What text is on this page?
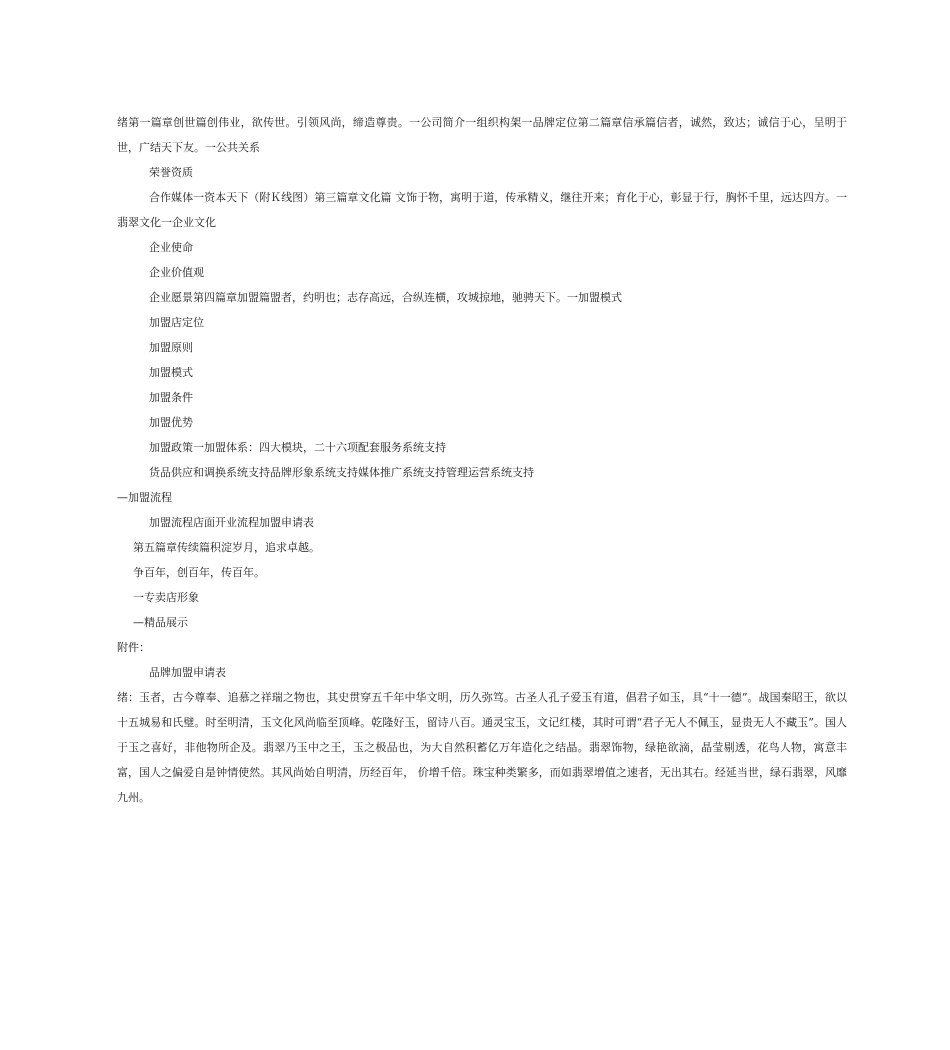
绪第一篇章创世篇创伟业，欲传世。引领风尚，缔造尊贵。一公司简介一组织构架一品牌定位第二篇章信承篇信者，诚然，致达；诚信于心，呈明于世，广结天下友。一公共关系
荣誉资质
合作媒体一资本天下（附Ｋ线图）第三篇章文化篇 文饰于物，寓明于道，传承精义，继往开来；育化于心，彰显于行，胸怀千里，远达四方。一翡翠文化一企业文化
企业使命
企业价值观
企业愿景第四篇章加盟篇盟者，约明也；志存高远，合纵连横，攻城掠地，驰骋天下。一加盟模式
加盟店定位
加盟原则
加盟模式
加盟条件
加盟优势
加盟政策一加盟体系：四大模块，二十六项配套服务系统支持
货品供应和调换系统支持品牌形象系统支持媒体推广系统支持管理运营系统支持
—加盟流程
加盟流程店面开业流程加盟申请表
第五篇章传续篇积淀岁月，追求卓越。
争百年，创百年，传百年。
一专卖店形象
—精品展示
附件：
品牌加盟申请表
绪：玉者，古今尊奉、追慕之祥瑞之物也，其史贯穿五千年中华文明，历久弥笃。古圣人孔子爱玉有道，倡君子如玉，具“十一德”。战国秦昭王，欲以十五城易和氏璧。时至明清，玉文化风尚临至顶峰。乾隆好玉，留诗八百。通灵宝玉，文记红楼，其时可谓“君子无人不佩玉，显贵无人不藏玉”。国人于玉之喜好，非他物所企及。翡翠乃玉中之王，玉之极品也，为大自然积蓄亿万年造化之结晶。翡翠饰物，绿艳欲滴，晶莹剔透，花鸟人物，寓意丰富，国人之偏爱自是钟情使然。其风尚始自明清，历经百年， 价增千倍。珠宝种类繁多，而如翡翠增值之速者，无出其右。经延当世，绿石翡翠，风靡九州。
